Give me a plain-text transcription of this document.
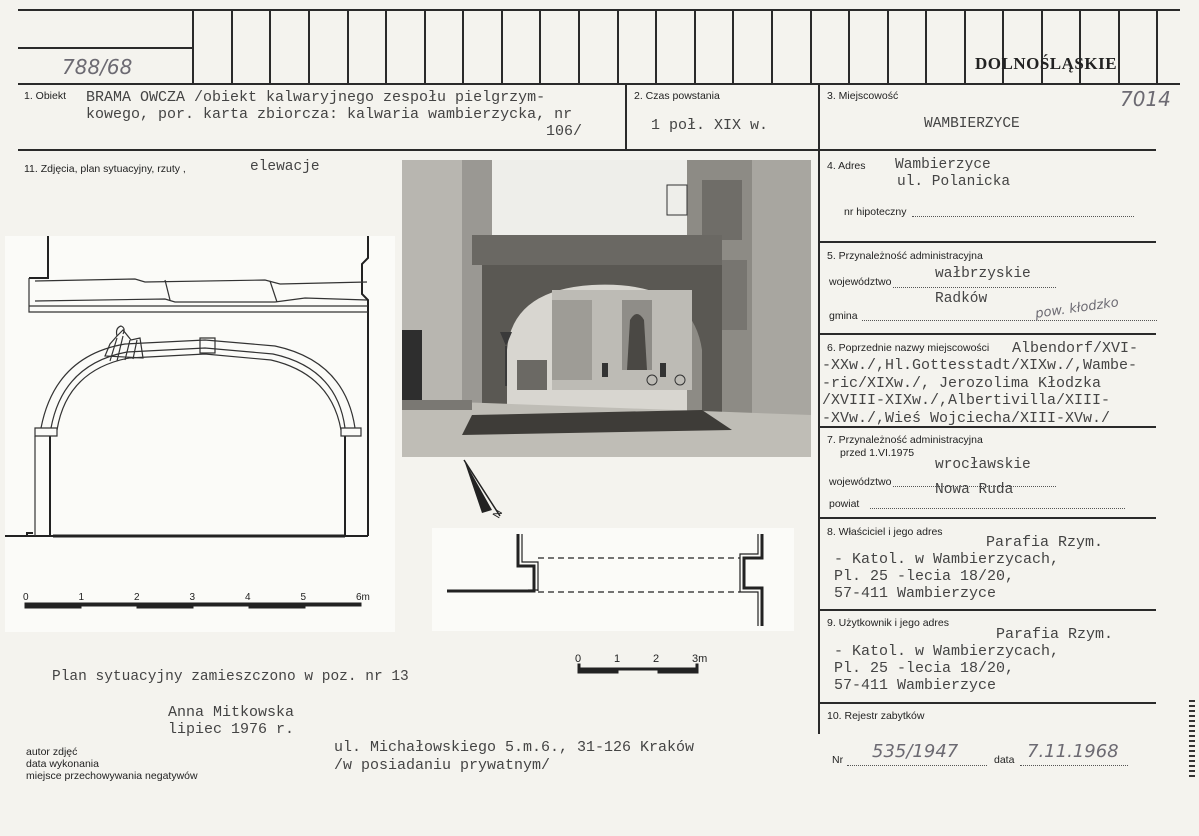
DOLNOŚLĄSKIE
788/68
7014
1. Obiekt BRAMA OWCZA /obiekt kalwaryjnego zespołu pielgrzym-
kowego, por. karta zbiorcza: kalwaria wambierzycka, nr
106/
2. Czas powstania
1 poł. XIX w.
3. Miejscowość
WAMBIERZYCE
11. Zdjęcia, plan sytuacyjny, rzuty ,	elewacje	4. Adres Wambierzyce
ul. Polanicka
nr hipoteczny
5. Przynależność administracyjna
województwo	wałbrzyskie
gmina
Radków	pow. kłodzko
6. Poprzednie nazwy miejscowości Albendorf/XVI-
-XXw./,Hl.Gottesstadt/XIXw./,Wambe-
-ric/XIXw./, Jerozolima Kłodzka
/XVIII-XIXw./,Albertivilla/XIII-
-XVw./,Wieś Wojciecha/XIII-XVw./
7. Przynależność administracyjna
przed 1.VI.1975
województwo
wrocławskie
powiat
Nowa Ruda
8. Właściciel i jego adres
Parafia Rzym.
- Katol. w Wambierzycach,
Pl. 25 -lecia 18/20,
57-411 Wambierzyce
9. Użytkownik i jego adres
Parafia Rzym.
- Katol. w Wambierzycach,
Pl. 25 -lecia 18/20,
57-411 Wambierzyce
10. Rejestr zabytków
Nr 535/1947	data 7.11.1968
0	1	2	3	4	5	6m
N
0	1	2	3m
Plan sytuacyjny zamieszczono w poz. nr 13
Anna Mitkowska
lipiec 1976 r.
autor zdjęć
data wykonania
miejsce przechowywania negatywów
ul. Michałowskiego 5.m.6., 31-126 Kraków
/w posiadaniu prywatnym/
